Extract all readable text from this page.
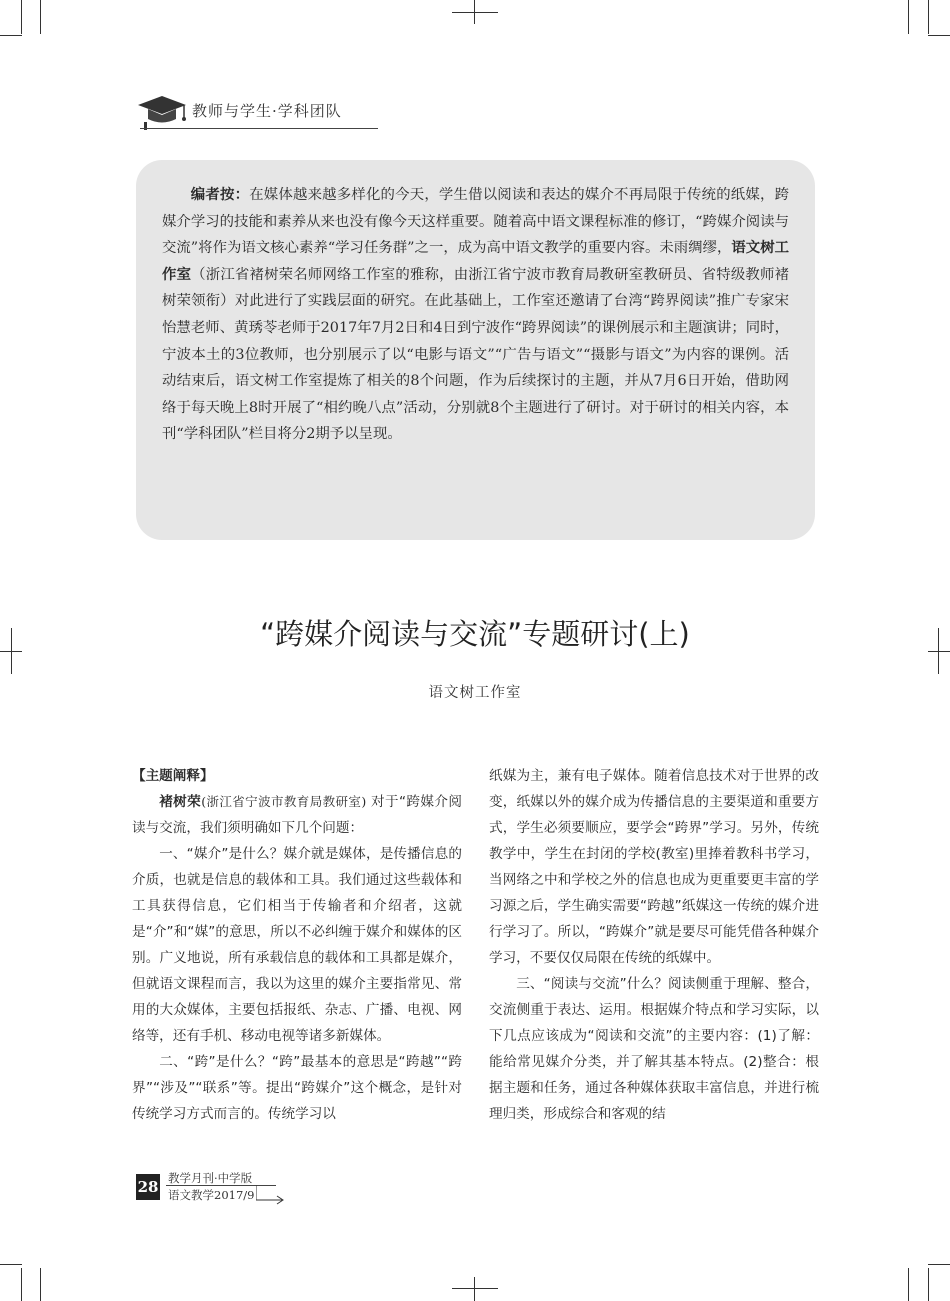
教师与学生·学科团队

编者按：在媒体越来越多样化的今天，学生借以阅读和表达的媒介不再局限于传统的纸媒，跨媒介学习的技能和素养从来也没有像今天这样重要。随着高中语文课程标准的修订，“跨媒介阅读与交流”将作为语文核心素养“学习任务群”之一，成为高中语文教学的重要内容。未雨绸缪，语文树工作室（浙江省褚树荣名师网络工作室的雅称，由浙江省宁波市教育局教研室教研员、省特级教师褚树荣领衔）对此进行了实践层面的研究。在此基础上，工作室还邀请了台湾“跨界阅读”推广专家宋怡慧老师、黄琇苓老师于2017年7月2日和4日到宁波作“跨界阅读”的课例展示和主题演讲；同时，宁波本土的3位教师，也分别展示了以“电影与语文”“广告与语文”“摄影与语文”为内容的课例。活动结束后，语文树工作室提炼了相关的8个问题，作为后续探讨的主题，并从7月6日开始，借助网络于每天晚上8时开展了“相约晚八点”活动，分别就8个主题进行了研讨。对于研讨的相关内容，本刊“学科团队”栏目将分2期予以呈现。

“跨媒介阅读与交流”专题研讨(上)
语文树工作室

【主题阐释】

褚树荣(浙江省宁波市教育局教研室) 对于“跨媒介阅读与交流，我们须明确如下几个问题：

一、“媒介”是什么？媒介就是媒体，是传播信息的介质，也就是信息的载体和工具。我们通过这些载体和工具获得信息，它们相当于传输者和介绍者，这就是“介”和“媒”的意思，所以不必纠缠于媒介和媒体的区别。广义地说，所有承载信息的载体和工具都是媒介，但就语文课程而言，我以为这里的媒介主要指常见、常用的大众媒体，主要包括报纸、杂志、广播、电视、网络等，还有手机、移动电视等诸多新媒体。

二、“跨”是什么？“跨”最基本的意思是“跨越”“跨界”“涉及”“联系”等。提出“跨媒介”这个概念，是针对传统学习方式而言的。传统学习以

纸媒为主，兼有电子媒体。随着信息技术对于世界的改变，纸媒以外的媒介成为传播信息的主要渠道和重要方式，学生必须要顺应，要学会“跨界”学习。另外，传统教学中，学生在封闭的学校(教室)里捧着教科书学习，当网络之中和学校之外的信息也成为更重要更丰富的学习源之后，学生确实需要“跨越”纸媒这一传统的媒介进行学习了。所以，“跨媒介”就是要尽可能凭借各种媒介学习，不要仅仅局限在传统的纸媒中。

三、“阅读与交流”什么？阅读侧重于理解、整合，交流侧重于表达、运用。根据媒介特点和学习实际，以下几点应该成为“阅读和交流”的主要内容：(1)了解：能给常见媒介分类，并了解其基本特点。(2)整合：根据主题和任务，通过各种媒体获取丰富信息，并进行梳理归类，形成综合和客观的结

28 教学月刊·中学版
语文教学2017/9
